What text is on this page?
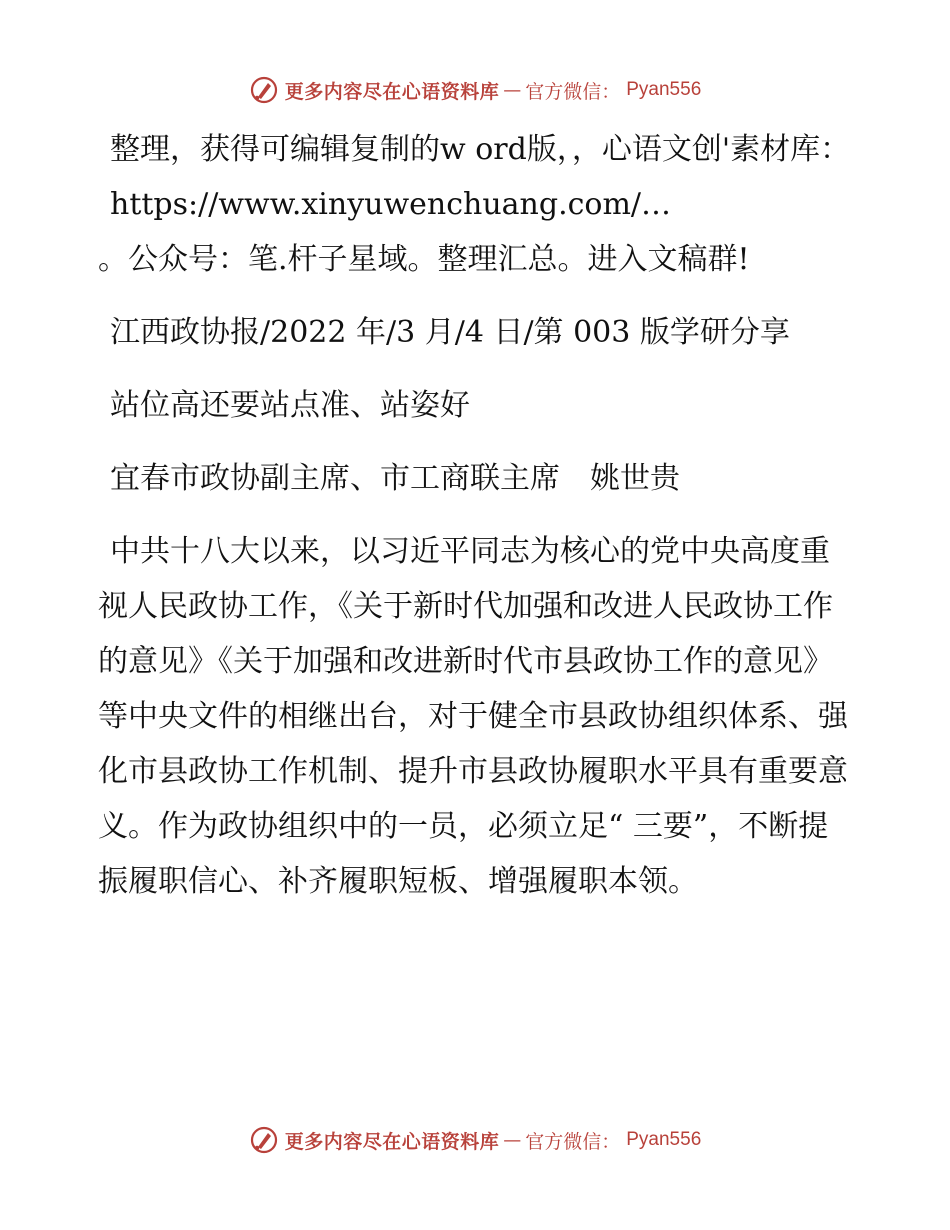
更多内容尽在心语资料库 — 官方微信： Pyan556

整理，获得可编辑复制的w ord版，，心语文创'素材库：
https://www.xinyuwenchuang.com/…
。公众号：笔.杆子星域。整理汇总。进入文稿群!

江西政协报/2022 年/3 月/4 日/第 003 版学研分享

站位高还要站点准、站姿好

宜春市政协副主席、市工商联主席　姚世贵

中共十八大以来，以习近平同志为核心的党中央高度重视人民政协工作，《关于新时代加强和改进人民政协工作的意见》《关于加强和改进新时代市县政协工作的意见》等中央文件的相继出台，对于健全市县政协组织体系、强化市县政协工作机制、提升市县政协履职水平具有重要意义。作为政协组织中的一员，必须立足“ 三要”，不断提振履职信心、补齐履职短板、增强履职本领。

更多内容尽在心语资料库 — 官方微信： Pyan556
